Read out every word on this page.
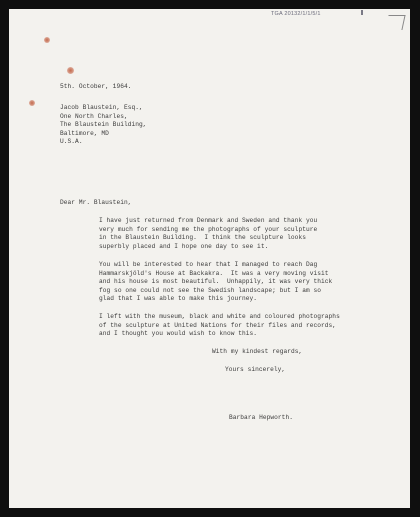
TGA 20132/1/1/5/1
5th. October, 1964.
Jacob Blaustein, Esq.,
One North Charles,
The Blaustein Building,
Baltimore, MD
U.S.A.
Dear Mr. Blaustein,
I have just returned from Denmark and Sweden and thank you
very much for sending me the photographs of your sculpture
in the Blaustein Building.  I think the sculpture looks
superbly placed and I hope one day to see it.
You will be interested to hear that I managed to reach Dag
Hammarskjöld's House at Backakra.  It was a very moving visit
and his house is most beautiful.  Unhappily, it was very thick
fog so one could not see the Swedish landscape; but I am so
glad that I was able to make this journey.
I left with the museum, black and white and coloured photographs
of the sculpture at United Nations for their files and records,
and I thought you would wish to know this.
With my kindest regards,
Yours sincerely,
Barbara Hepworth.
